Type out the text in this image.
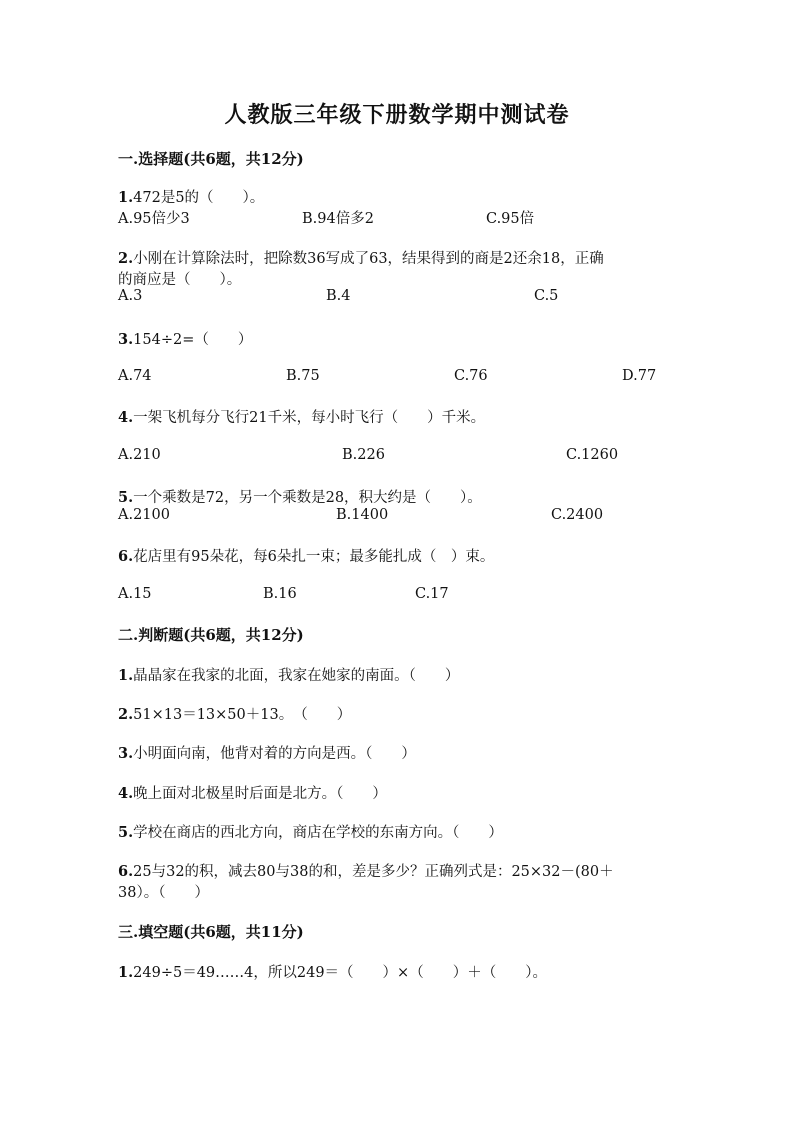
人教版三年级下册数学期中测试卷
一.选择题(共6题，共12分)
1.472是5的（　　）。
A.95倍少3	B.94倍多2	C.95倍
2.小刚在计算除法时，把除数36写成了63，结果得到的商是2还余18，正确
的商应是（　　）。
A.3	B.4	C.5
3.154÷2=（　　）
A.74	B.75	C.76	D.77
4.一架飞机每分飞行21千米，每小时飞行（　　）千米。
A.210	B.226	C.1260
5.一个乘数是72，另一个乘数是28，积大约是（　　）。
A.2100	B.1400	C.2400
6.花店里有95朵花，每6朵扎一束；最多能扎成（　）束。
A.15	B.16	C.17
二.判断题(共6题，共12分)
1.晶晶家在我家的北面，我家在她家的南面。（　　）
2.51×13＝13×50＋13。　（　　）
3.小明面向南，他背对着的方向是西。（　　）
4.晚上面对北极星时后面是北方。（　　）
5.学校在商店的西北方向，商店在学校的东南方向。（　　）
6.25与32的积，减去80与38的和，差是多少？正确列式是：25×32－(80＋
38）。（　　）
三.填空题(共6题，共11分)
1.249÷5＝49……4，所以249＝（　　）×（　　）＋（　　）。
